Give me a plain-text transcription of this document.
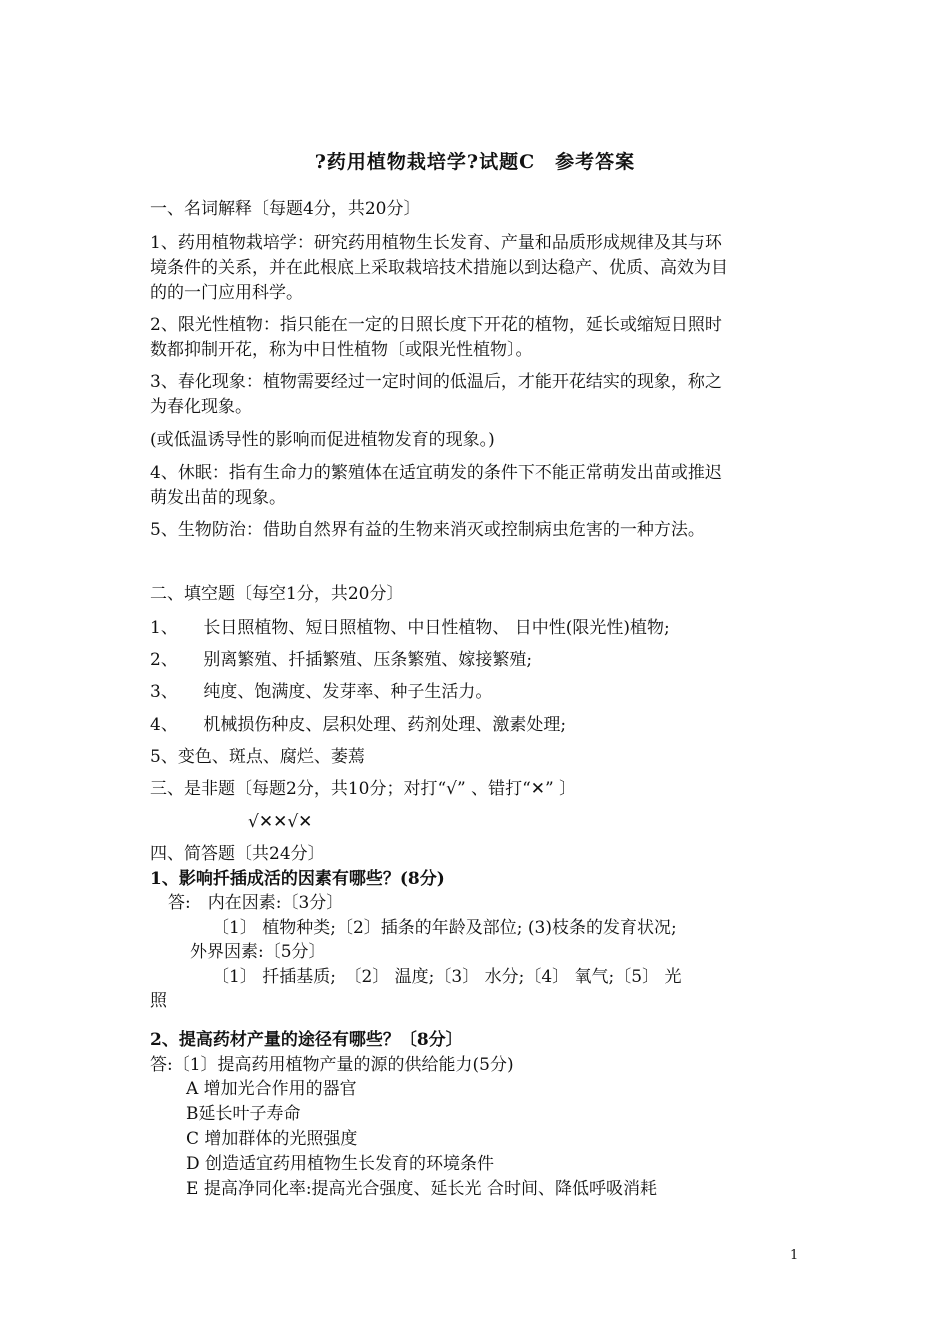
?药用植物栽培学?试题C　参考答案
一、名词解释〔每题4分，共20分〕
1、药用植物栽培学：研究药用植物生长发育、产量和品质形成规律及其与环
境条件的关系，并在此根底上采取栽培技术措施以到达稳产、优质、高效为目
的的一门应用科学。
2、限光性植物：指只能在一定的日照长度下开花的植物，延长或缩短日照时
数都抑制开花，称为中日性植物〔或限光性植物〕。
3、春化现象：植物需要经过一定时间的低温后，才能开花结实的现象，称之
为春化现象。
(或低温诱导性的影响而促进植物发育的现象。)
4、休眠：指有生命力的繁殖体在适宜萌发的条件下不能正常萌发出苗或推迟
萌发出苗的现象。
5、生物防治：借助自然界有益的生物来消灭或控制病虫危害的一种方法。
二、填空题〔每空1分，共20分〕
1、　　长日照植物、短日照植物、中日性植物、 日中性(限光性)植物;
2、　　别离繁殖、扦插繁殖、压条繁殖、嫁接繁殖;
3、　　纯度、饱满度、发芽率、种子生活力。
4、　　机械损伤种皮、层积处理、药剂处理、激素处理;
5、变色、斑点、腐烂、萎蔫
三、是非题〔每题2分，共10分；对打“√” 、错打“✕” 〕
√✕✕√✕
四、简答题〔共24分〕
1、影响扦插成活的因素有哪些？(8分)
答:　内在因素:〔3分〕
〔1〕 植物种类;〔2〕插条的年龄及部位; (3)枝条的发育状况;
外界因素:〔5分〕
〔1〕 扦插基质;　〔2〕 温度;〔3〕 水分;〔4〕 氧气;〔5〕 光
照
2、提高药材产量的途径有哪些？〔8分〕
答:〔1〕提高药用植物产量的源的供给能力(5分)
A 增加光合作用的器官
B延长叶子寿命
C 增加群体的光照强度
D 创造适宜药用植物生长发育的环境条件
E 提高净同化率:提高光合强度、延长光 合时间、降低呼吸消耗
1
